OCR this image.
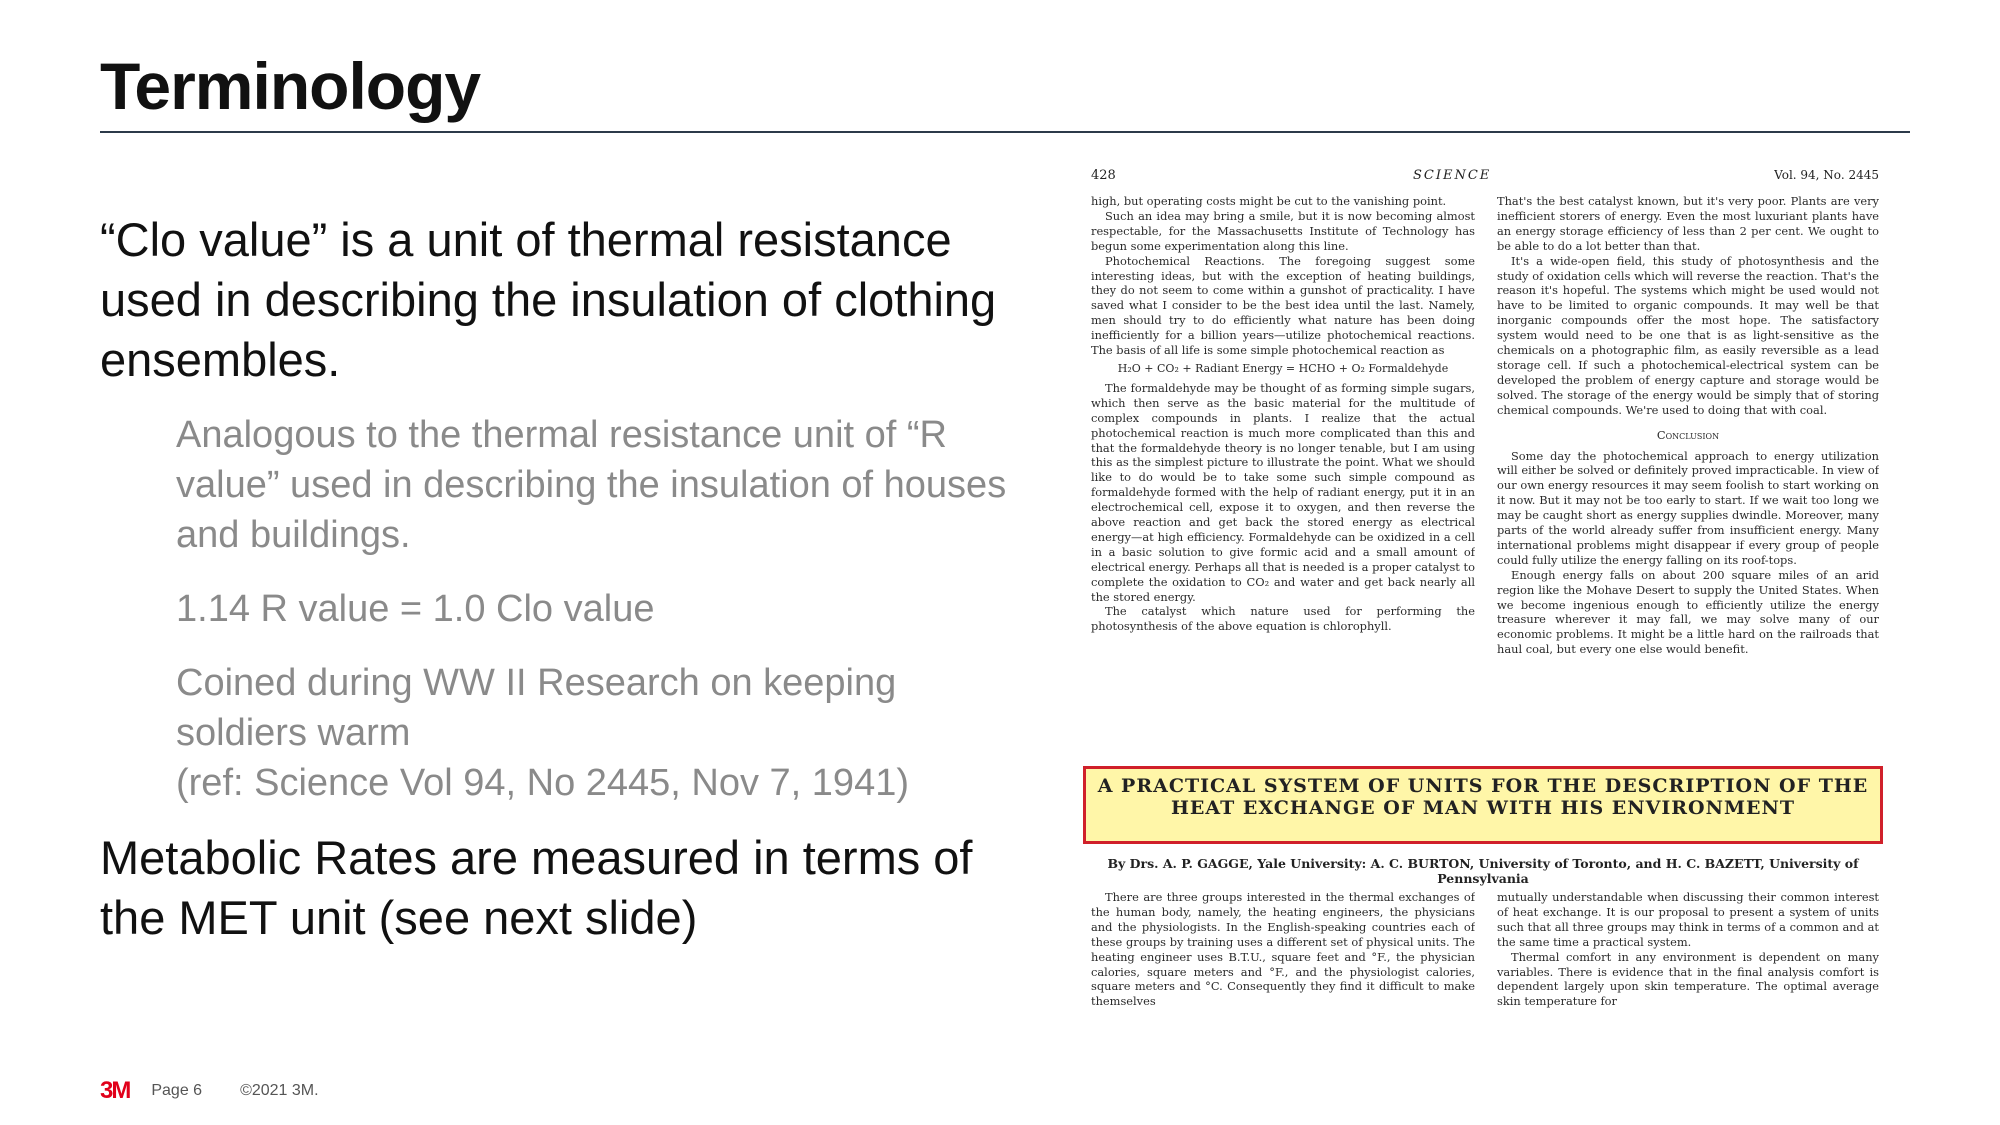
Terminology

“Clo value” is a unit of thermal resistance used in describing the insulation of clothing ensembles.

Analogous to the thermal resistance unit of “R value” used in describing the insulation of houses and buildings.

1.14 R value = 1.0 Clo value

Coined during WW II Research on keeping soldiers warm

(ref: Science Vol 94, No 2445, Nov 7, 1941)

Metabolic Rates are measured in terms of the MET unit (see next slide)

428	SCIENCE	Vol. 94, No. 2445

high, but operating costs might be cut to the vanishing point.

Such an idea may bring a smile, but it is now becoming almost respectable, for the Massachusetts Institute of Technology has begun some experimentation along this line.

Photochemical Reactions. The foregoing suggest some interesting ideas, but with the exception of heating buildings, they do not seem to come within a gunshot of practicality. I have saved what I consider to be the best idea until the last. Namely, men should try to do efficiently what nature has been doing inefficiently for a billion years—utilize photochemical reactions. The basis of all life is some simple photochemical reaction as

H₂O + CO₂ + Radiant Energy = HCHO + O₂ Formaldehyde

The formaldehyde may be thought of as forming simple sugars, which then serve as the basic material for the multitude of complex compounds in plants. I realize that the actual photochemical reaction is much more complicated than this and that the formaldehyde theory is no longer tenable, but I am using this as the simplest picture to illustrate the point. What we should like to do would be to take some such simple compound as formaldehyde formed with the help of radiant energy, put it in an electrochemical cell, expose it to oxygen, and then reverse the above reaction and get back the stored energy as electrical energy—at high efficiency. Formaldehyde can be oxidized in a cell in a basic solution to give formic acid and a small amount of electrical energy. Perhaps all that is needed is a proper catalyst to complete the oxidation to CO₂ and water and get back nearly all the stored energy.

The catalyst which nature used for performing the photosynthesis of the above equation is chlorophyll.

That's the best catalyst known, but it's very poor. Plants are very inefficient storers of energy. Even the most luxuriant plants have an energy storage efficiency of less than 2 per cent. We ought to be able to do a lot better than that.

It's a wide-open field, this study of photosynthesis and the study of oxidation cells which will reverse the reaction. That's the reason it's hopeful. The systems which might be used would not have to be limited to organic compounds. It may well be that inorganic compounds offer the most hope. The satisfactory system would need to be one that is as light-sensitive as the chemicals on a photographic film, as easily reversible as a lead storage cell. If such a photochemical-electrical system can be developed the problem of energy capture and storage would be solved. The storage of the energy would be simply that of storing chemical compounds. We're used to doing that with coal.

Conclusion

Some day the photochemical approach to energy utilization will either be solved or definitely proved impracticable. In view of our own energy resources it may seem foolish to start working on it now. But it may not be too early to start. If we wait too long we may be caught short as energy supplies dwindle. Moreover, many parts of the world already suffer from insufficient energy. Many international problems might disappear if every group of people could fully utilize the energy falling on its roof-tops.

Enough energy falls on about 200 square miles of an arid region like the Mohave Desert to supply the United States. When we become ingenious enough to efficiently utilize the energy treasure wherever it may fall, we may solve many of our economic problems. It might be a little hard on the railroads that haul coal, but every one else would benefit.

A PRACTICAL SYSTEM OF UNITS FOR THE DESCRIPTION OF THE HEAT EXCHANGE OF MAN WITH HIS ENVIRONMENT
By Drs. A. P. GAGGE, Yale University: A. C. BURTON, University of Toronto, and H. C. BAZETT, University of Pennsylvania

There are three groups interested in the thermal exchanges of the human body, namely, the heating engineers, the physicians and the physiologists. In the English-speaking countries each of these groups by training uses a different set of physical units. The heating engineer uses B.T.U., square feet and °F., the physician calories, square meters and °F., and the physiologist calories, square meters and °C. Consequently they find it difficult to make themselves

mutually understandable when discussing their common interest of heat exchange. It is our proposal to present a system of units such that all three groups may think in terms of a common and at the same time a practical system.

Thermal comfort in any environment is dependent on many variables. There is evidence that in the final analysis comfort is dependent largely upon skin temperature. The optimal average skin temperature for

3M Page 6 ©2021 3M.
